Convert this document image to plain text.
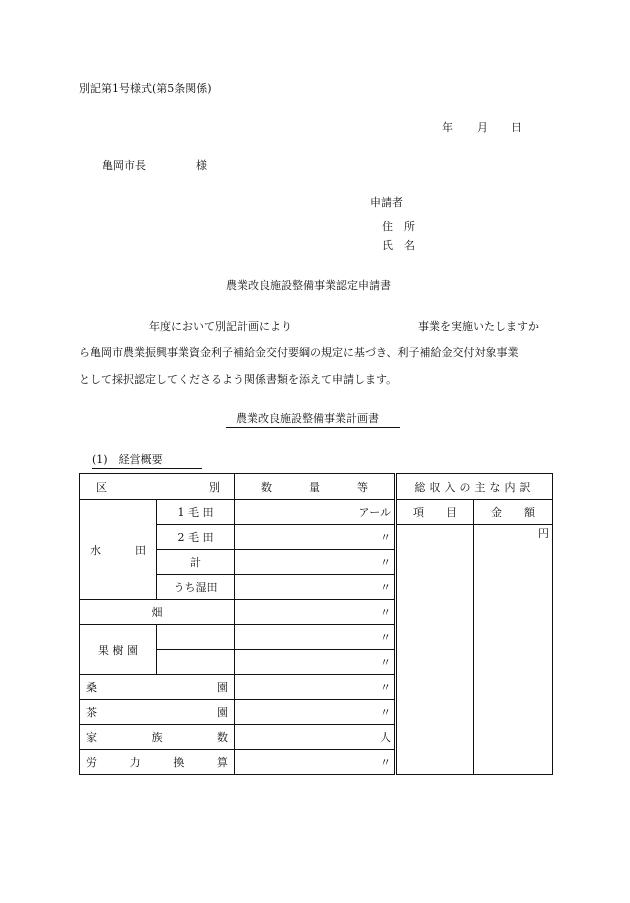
別記第1号様式(第5条関係)
年 月 日
亀岡市長	様
申請者
住　所
氏　名
農業改良施設整備事業認定申請書
年度において別記計画により	事業を実施いたしますか
ら亀岡市農業振興事業資金利子補給金交付要綱の規定に基づき、利子補給金交付対象事業
として採択認定してくださるよう関係書類を添えて申請します。
農業改良施設整備事業計画書
(1)　経営概要
区 別		数 量 等	総収入の主な内訳	

水 田	1 毛 田	アール	項　　目	金　　額
	2 毛 田	〃		円
	計	〃		
	うち湿田	〃		
畑		〃		
果 樹 園		〃		
		〃		

桑 園		〃		

茶 園		〃		

家 族 数		人		

労 力 換 算		〃		
